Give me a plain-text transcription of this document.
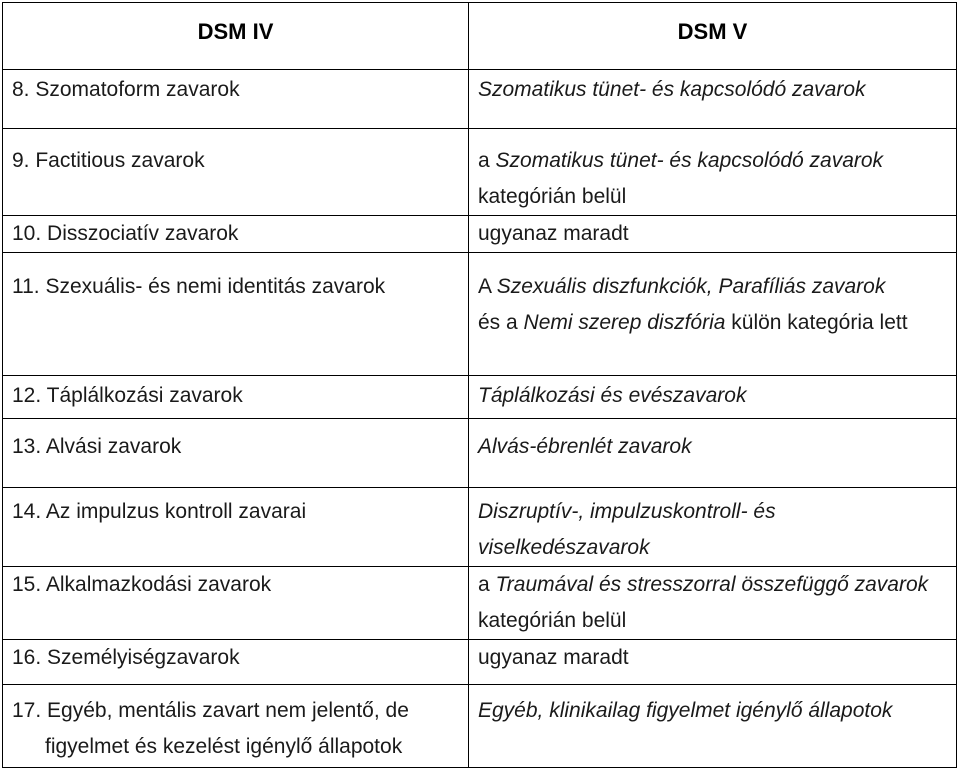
DSM IV	DSM V
8. Szomatoform zavarok	Szomatikus tünet- és kapcsolódó zavarok
9. Factitious zavarok	a Szomatikus tünet- és kapcsolódó zavarok
kategórián belül
10. Disszociatív zavarok	ugyanaz maradt
11. Szexuális- és nemi identitás zavarok	A Szexuális diszfunkciók, Parafíliás zavarok
és a Nemi szerep diszfória külön kategória lett
12. Táplálkozási zavarok	Táplálkozási és evészavarok
13. Alvási zavarok	Alvás-ébrenlét zavarok
14. Az impulzus kontroll zavarai	Diszruptív-, impulzuskontroll- és viselkedészavarok
15. Alkalmazkodási zavarok	a Traumával és stresszorral összefüggő zavarok kategórián belül
16. Személyiségzavarok	ugyanaz maradt
17. Egyéb, mentális zavart nem jelentő, de

figyelmet és kezelést igénylő állapotok	Egyéb, klinikailag figyelmet igénylő állapotok
